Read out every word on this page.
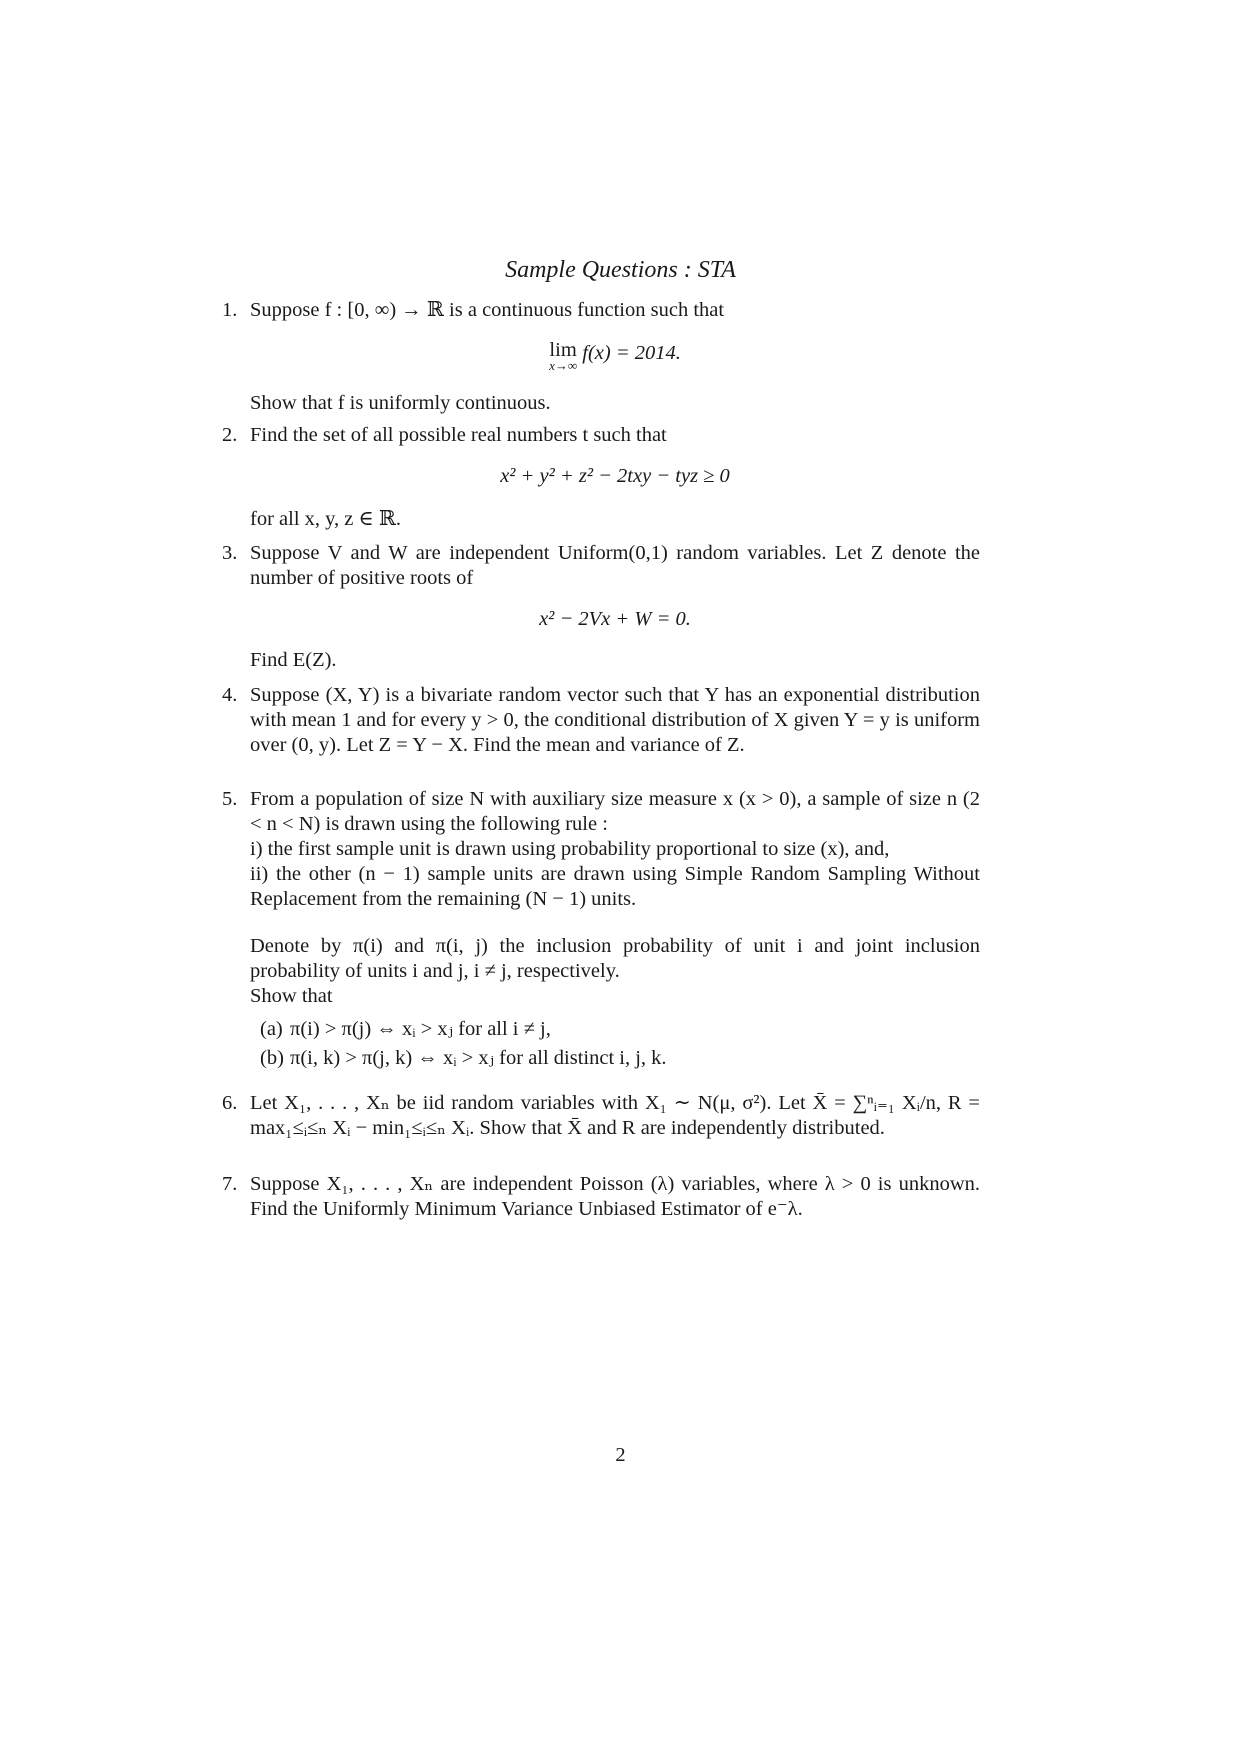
Sample Questions : STA
1. Suppose f : [0, ∞) → ℝ is a continuous function such that
lim
x→∞
f(x) = 2014.
Show that f is uniformly continuous.
2. Find the set of all possible real numbers t such that
x² + y² + z² − 2txy − tyz ≥ 0
for all x, y, z ∈ ℝ.
3. Suppose V and W are independent Uniform(0,1) random variables. Let Z denote the number of positive roots of
x² − 2Vx + W = 0.
Find E(Z).
4. Suppose (X, Y) is a bivariate random vector such that Y has an exponential distribution with mean 1 and for every y > 0, the conditional distribution of X given Y = y is uniform over (0, y). Let Z = Y − X. Find the mean and variance of Z.
5. From a population of size N with auxiliary size measure x (x > 0), a sample of size n (2 < n < N) is drawn using the following rule :
i) the first sample unit is drawn using probability proportional to size (x), and,
ii) the other (n − 1) sample units are drawn using Simple Random Sampling Without Replacement from the remaining (N − 1) units.
Denote by π(i) and π(i, j) the inclusion probability of unit i and joint inclusion probability of units i and j, i ≠ j, respectively.
Show that
(a) π(i) > π(j) ⇔ xᵢ > xⱼ for all i ≠ j,
(b) π(i, k) > π(j, k) ⇔ xᵢ > xⱼ for all distinct i, j, k.
6. Let X₁, . . . , Xₙ be iid random variables with X₁ ∼ N(μ, σ²). Let X̄ = ∑ⁿᵢ₌₁ Xᵢ/n, R = max₁≤ᵢ≤ₙ Xᵢ − min₁≤ᵢ≤ₙ Xᵢ. Show that X̄ and R are independently distributed.
7. Suppose X₁, . . . , Xₙ are independent Poisson (λ) variables, where λ > 0 is unknown. Find the Uniformly Minimum Variance Unbiased Estimator of e⁻λ.
2
